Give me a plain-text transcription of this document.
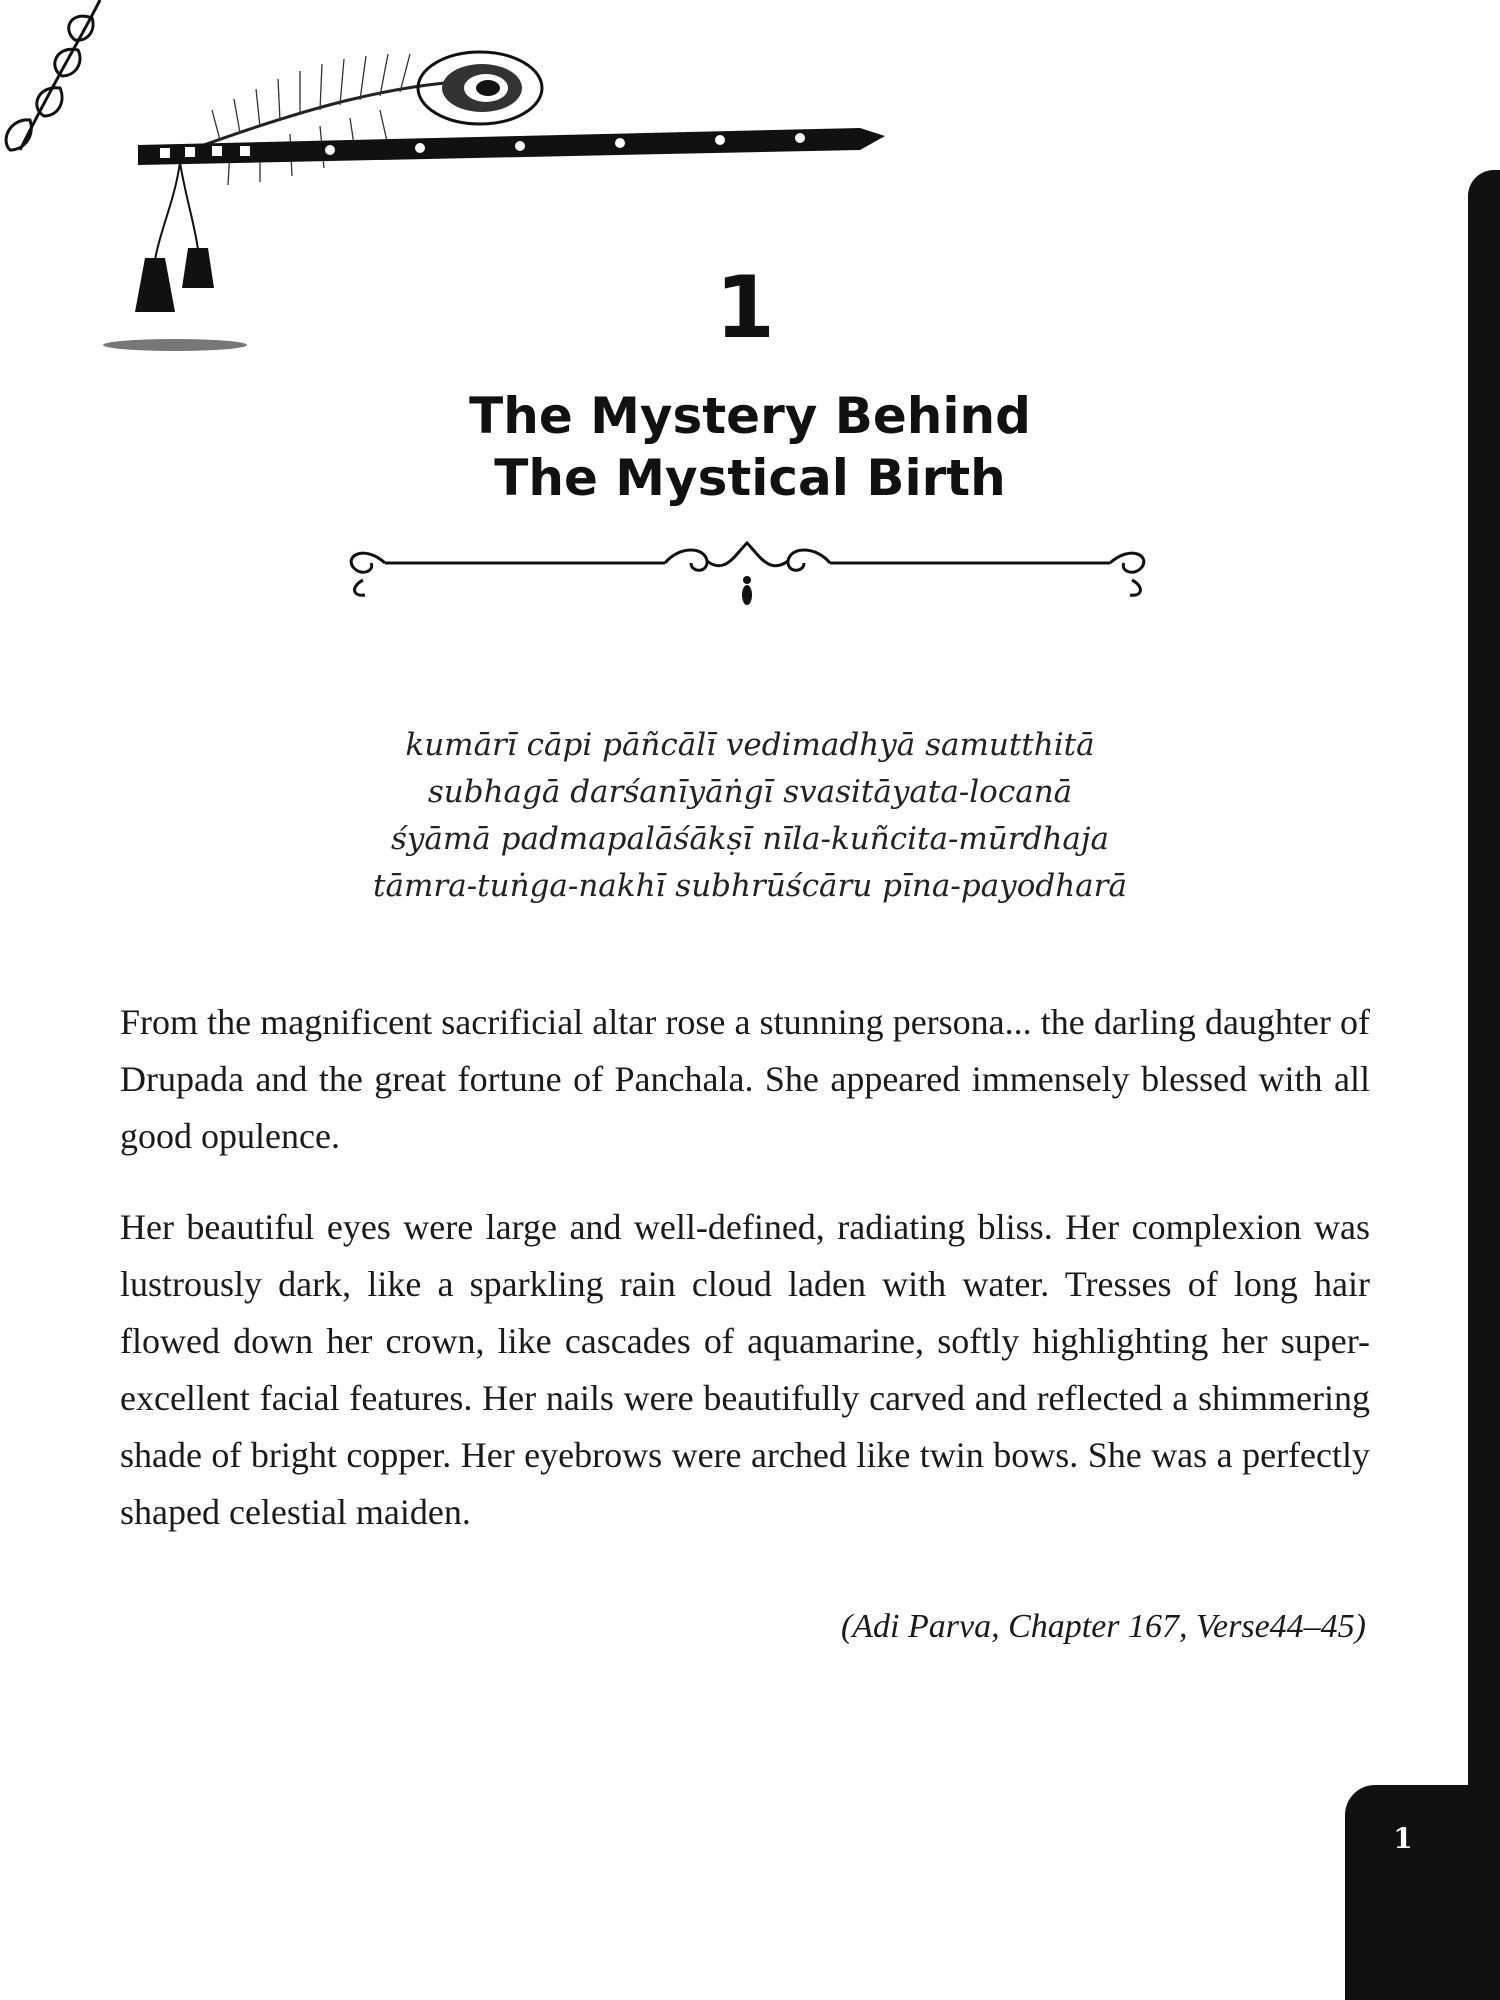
1
1
The Mystery Behind
The Mystical Birth
kumārī cāpi pāñcālī vedimadhyā samutthitā
subhagā darśanīyāṅgī svasitāyata-locanā
śyāmā padmapalāśākṣī nīla-kuñcita-mūrdhaja
tāmra-tuṅga-nakhī subhrūścāru pīna-payodharā

From the magnificent sacrificial altar rose a stunning persona... the darling daughter of Drupada and the great fortune of Panchala. She appeared immensely blessed with all good opulence.

Her beautiful eyes were large and well-defined, radiating bliss. Her complexion was lustrously dark, like a sparkling rain cloud laden with water. Tresses of long hair flowed down her crown, like cascades of aquamarine, softly highlighting her super-excellent facial features. Her nails were beautifully carved and reflected a shimmering shade of bright copper. Her eyebrows were arched like twin bows. She was a perfectly shaped celestial maiden.

(Adi Parva, Chapter 167, Verse44–45)
